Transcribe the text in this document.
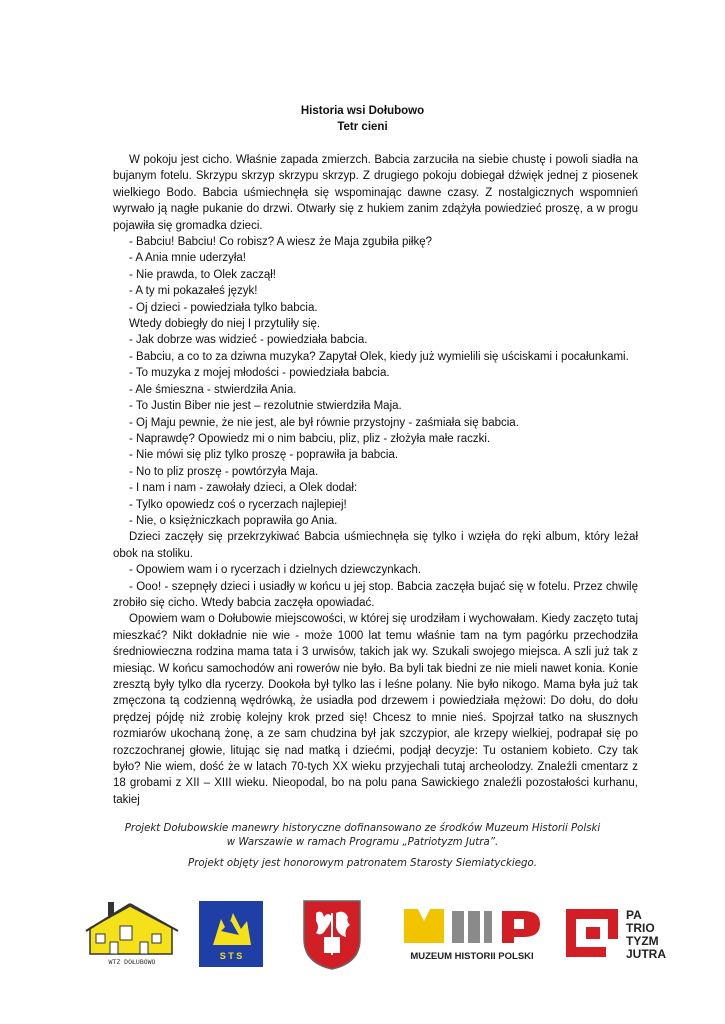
Historia wsi Dołubowo
Tetr cieni

W pokoju jest cicho. Właśnie zapada zmierzch. Babcia zarzuciła na siebie chustę i powoli siadła na bujanym fotelu. Skrzypu skrzyp skrzypu skrzyp. Z drugiego pokoju dobiegał dźwięk jednej z piosenek wielkiego Bodo. Babcia uśmiechnęła się wspominając dawne czasy. Z nostalgicznych wspomnień wyrwało ją nagłe pukanie do drzwi. Otwarły się z hukiem zanim zdążyła powiedzieć proszę, a w progu pojawiła się gromadka dzieci.

- Babciu! Babciu! Co robisz? A wiesz że Maja zgubiła piłkę?

- A Ania mnie uderzyła!

- Nie prawda, to Olek zaczął!

- A ty mi pokazałeś język!

- Oj dzieci - powiedziała tylko babcia.

Wtedy dobiegły do niej I przytuliły się.

- Jak dobrze was widzieć - powiedziała babcia.

- Babciu, a co to za dziwna muzyka? Zapytał Olek, kiedy już wymielili się uściskami i pocałunkami.

- To muzyka z mojej młodości - powiedziała babcia.

- Ale śmieszna - stwierdziła Ania.

- To Justin Biber nie jest – rezolutnie stwierdziła Maja.

- Oj Maju pewnie, że nie jest, ale był równie przystojny - zaśmiała się babcia.

- Naprawdę? Opowiedz mi o nim babciu, pliz, pliz - złożyła małe raczki.

- Nie mówi się pliz tylko proszę - poprawiła ja babcia.

- No to pliz proszę - powtórzyła Maja.

- I nam i nam - zawołały dzieci, a Olek dodał:

- Tylko opowiedz coś o rycerzach najlepiej!

- Nie, o księżniczkach poprawiła go Ania.

Dzieci zaczęły się przekrzykiwać Babcia uśmiechnęła się tylko i wzięła do ręki album, który leżał obok na stoliku.

- Opowiem wam i o rycerzach i dzielnych dziewczynkach.

- Ooo! - szepnęły dzieci i usiadły w końcu u jej stop. Babcia zaczęła bujać się w fotelu. Przez chwilę zrobiło się cicho. Wtedy babcia zaczęła opowiadać.

Opowiem wam o Dołubowie miejscowości, w której się urodziłam i wychowałam. Kiedy zaczęto tutaj mieszkać? Nikt dokładnie nie wie - może 1000 lat temu właśnie tam na tym pagórku przechodziła średniowieczna rodzina mama tata i 3 urwisów, takich jak wy. Szukali swojego miejsca. A szli już tak z miesiąc. W końcu samochodów ani rowerów nie było. Ba byli tak biedni ze nie mieli nawet konia. Konie zresztą były tylko dla rycerzy. Dookoła był tylko las i leśne polany. Nie było nikogo. Mama była już tak zmęczona tą codzienną wędrówką, że usiadła pod drzewem i powiedziała mężowi: Do dołu, do dołu prędzej pójdę niż zrobię kolejny krok przed się! Chcesz to mnie nieś. Spojrzał tatko na słusznych rozmiarów ukochaną żonę, a ze sam chudzina był jak szczypior, ale krzepy wielkiej, podrapał się po rozczochranej głowie, litując się nad matką i dziećmi, podjął decyzje: Tu ostaniem kobieto. Czy tak było? Nie wiem, dość że w latach 70-tych XX wieku przyjechali tutaj archeolodzy. Znaleźli cmentarz z 18 grobami z XII – XIII wieku. Nieopodal, bo na polu pana Sawickiego znaleźli pozostałości kurhanu, takiej

Projekt Dołubowskie manewry historyczne dofinansowano ze środków Muzeum Historii Polski

w Warszawie w ramach Programu „Patriotyzm Jutra”.

Projekt objęty jest honorowym patronatem Starosty Siemiatyckiego.

WTZ DOŁUBOWO
S T S	MUZEUM HISTORII POLSKI
PA
TRIO
TYZM
JUTRA
